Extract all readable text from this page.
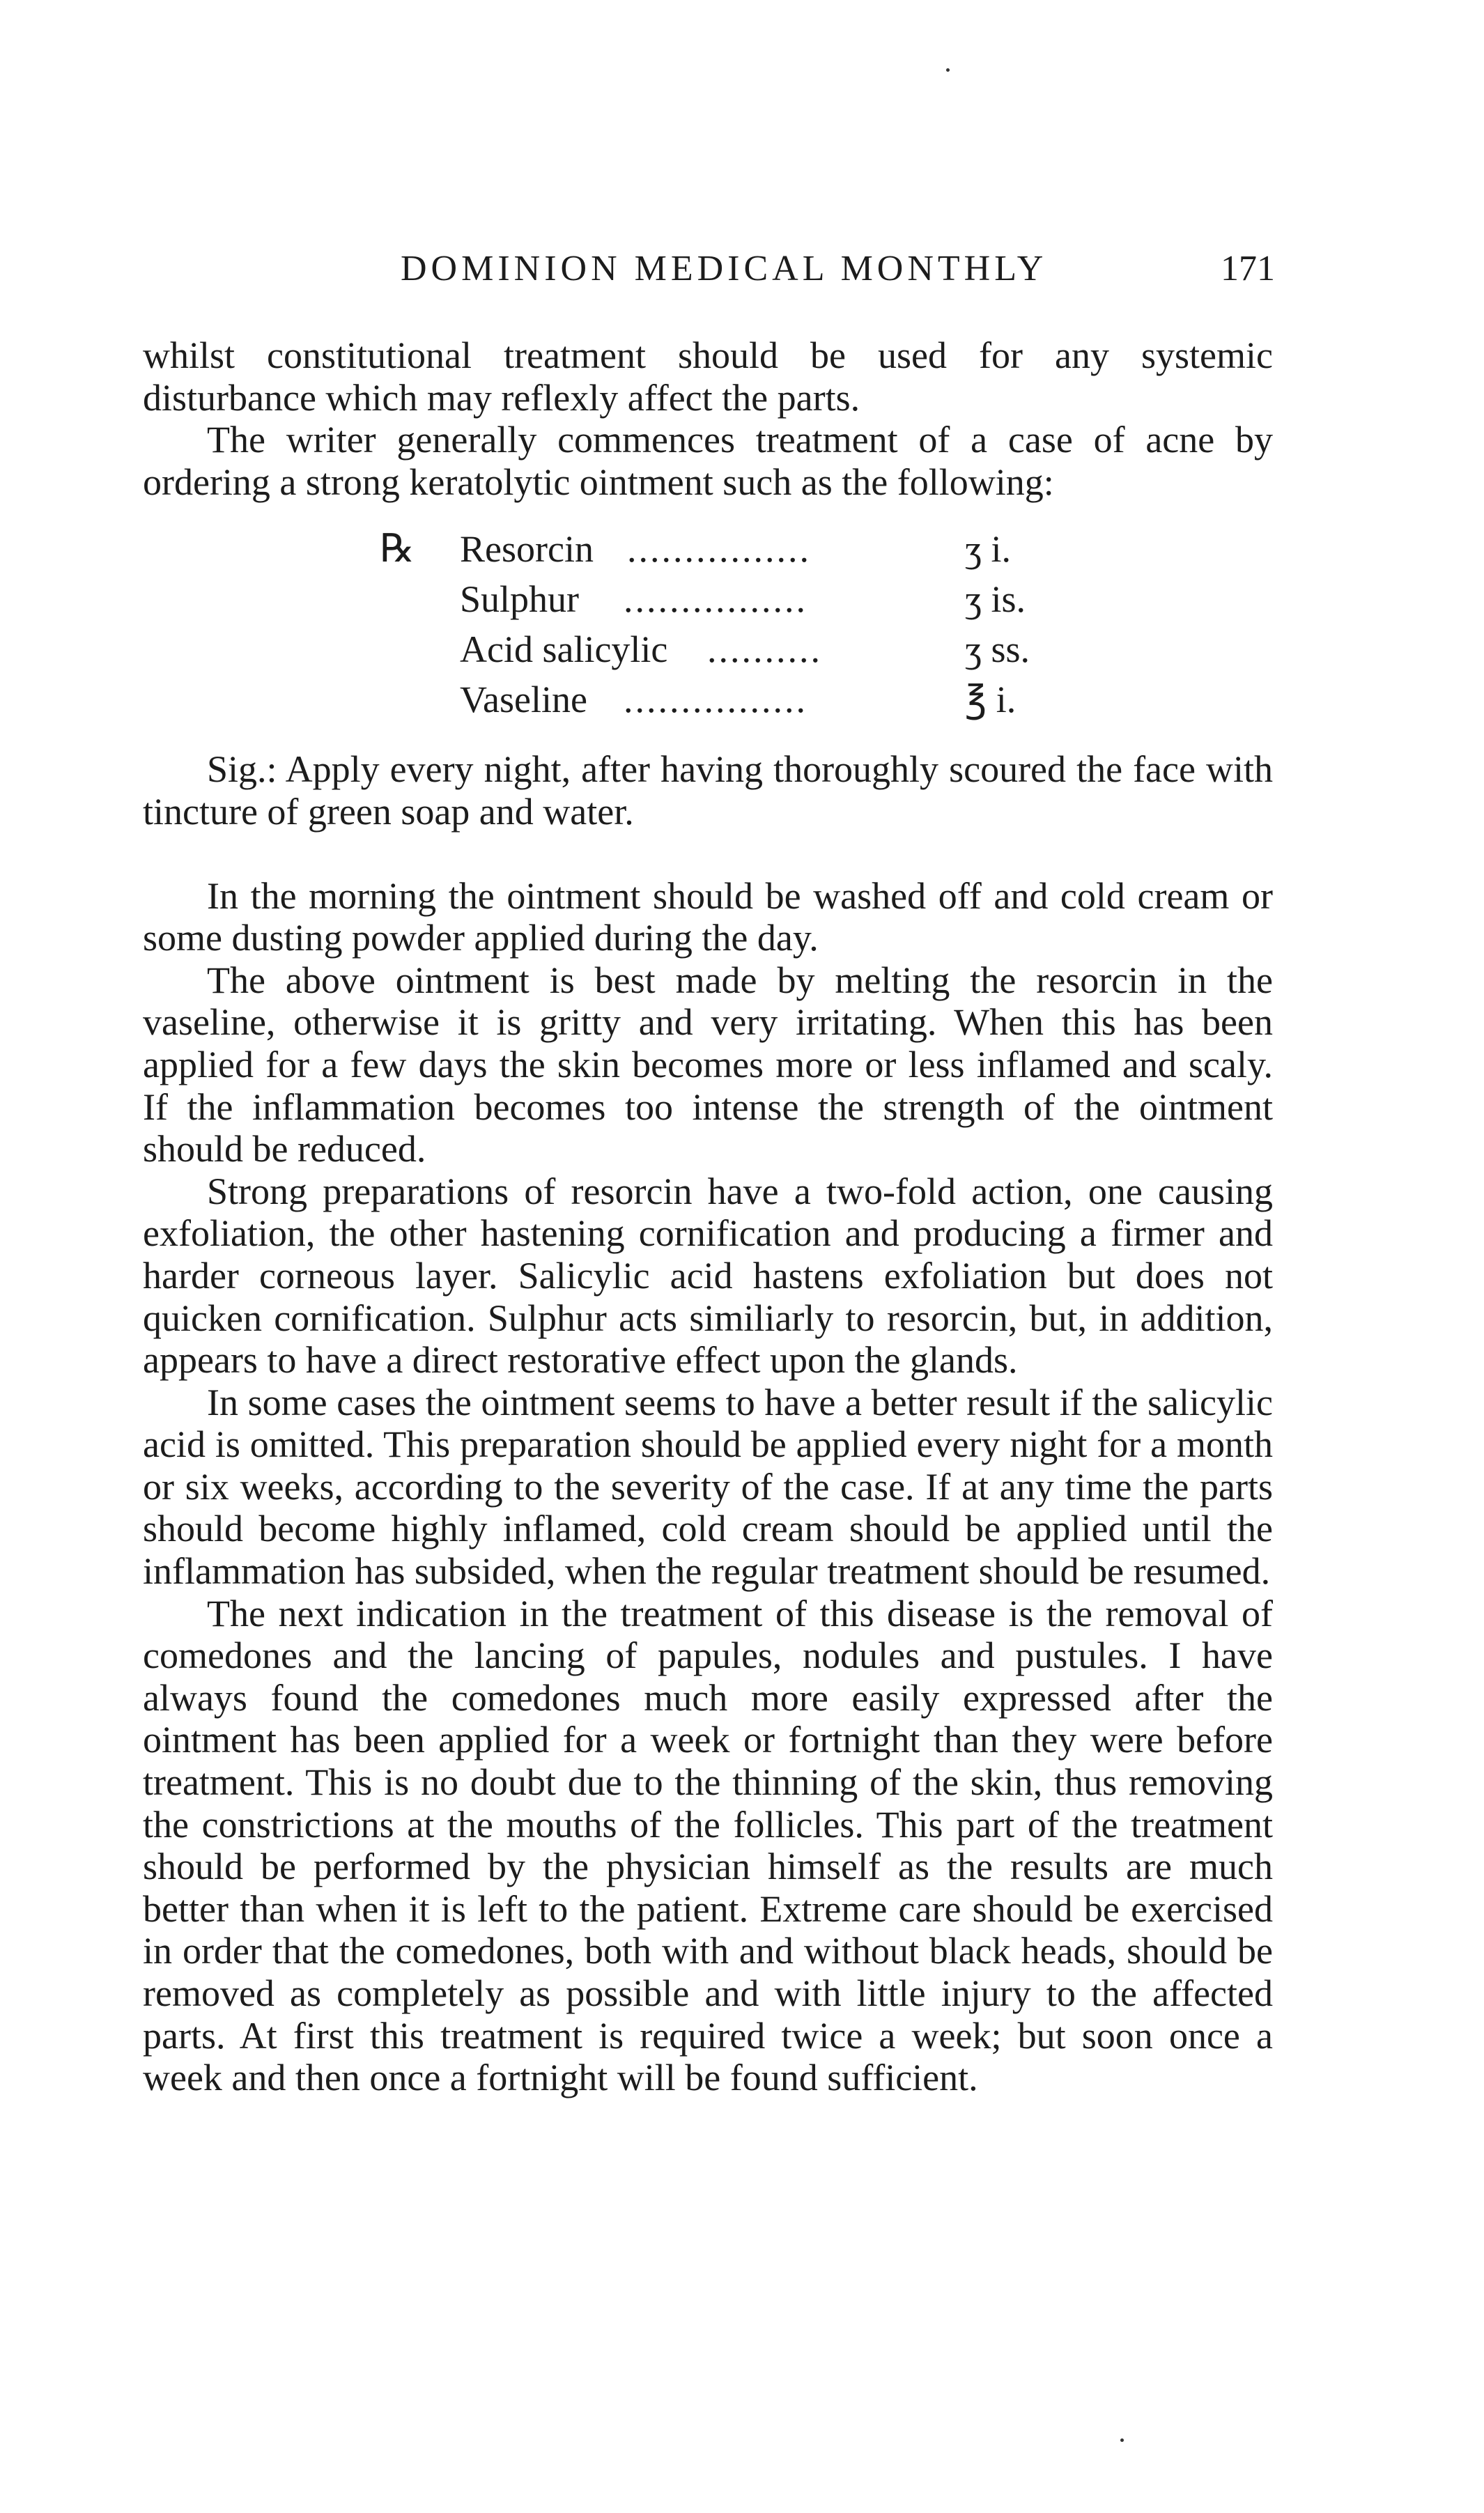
DOMINION MEDICAL MONTHLY	171

whilst constitutional treatment should be used for any systemic disturbance which may reflexly affect the parts.

The writer generally commences treatment of a case of acne by ordering a strong keratolytic ointment such as the following:

℞ Resorcin ................	ʒ i.
Sulphur ................	ʒ is.
Acid salicylic ..........	ʒ ss.
Vaseline ................	℥ i.

Sig.: Apply every night, after having thoroughly scoured the face with tincture of green soap and water.

In the morning the ointment should be washed off and cold cream or some dusting powder applied during the day.

The above ointment is best made by melting the resorcin in the vaseline, otherwise it is gritty and very irritating. When this has been applied for a few days the skin becomes more or less inflamed and scaly. If the inflammation becomes too intense the strength of the ointment should be reduced.

Strong preparations of resorcin have a two-fold action, one causing exfoliation, the other hastening cornification and producing a firmer and harder corneous layer. Salicylic acid hastens exfoliation but does not quicken cornification. Sulphur acts similiarly to resorcin, but, in addition, appears to have a direct restorative effect upon the glands.

In some cases the ointment seems to have a better result if the salicylic acid is omitted. This preparation should be applied every night for a month or six weeks, according to the severity of the case. If at any time the parts should become highly inflamed, cold cream should be applied until the inflammation has subsided, when the regular treatment should be resumed.

The next indication in the treatment of this disease is the removal of comedones and the lancing of papules, nodules and pustules. I have always found the comedones much more easily expressed after the ointment has been applied for a week or fortnight than they were before treatment. This is no doubt due to the thinning of the skin, thus removing the constrictions at the mouths of the follicles. This part of the treatment should be performed by the physician himself as the results are much better than when it is left to the patient. Extreme care should be exercised in order that the comedones, both with and without black heads, should be removed as completely as possible and with little injury to the affected parts. At first this treatment is required twice a week; but soon once a week and then once a fortnight will be found sufficient.
